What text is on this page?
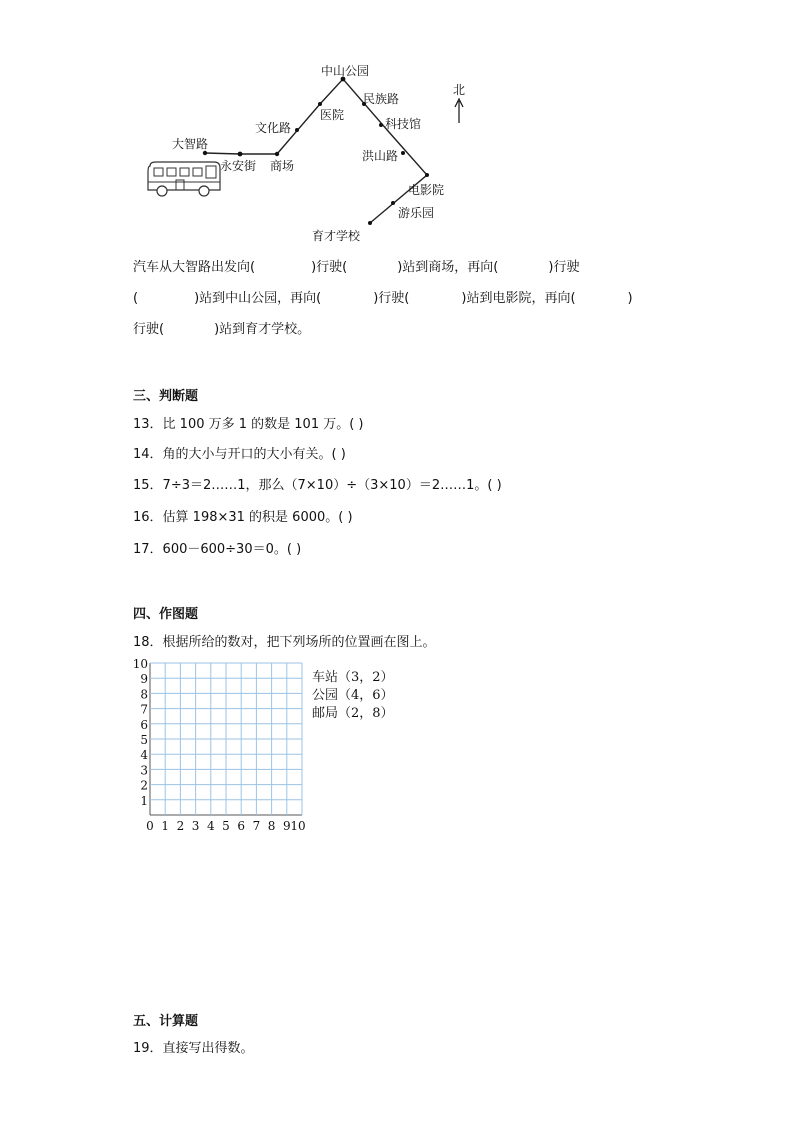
大智路
永安街 商场
文化路
医院
中山公园
民族路
科技馆
洪山路
电影院
游乐园
育才学校
北
汽车从大智路出发向(	)行驶(	)站到商场，再向(	)行驶
(	)站到中山公园，再向(	)行驶(	)站到电影院，再向(	)
行驶(	)站到育才学校。
三、判断题
13．比 100 万多 1 的数是 101 万。( )
14．角的大小与开口的大小有关。( )
15．7÷3＝2……1，那么（7×10）÷（3×10）＝2……1。( )
16．估算 198×31 的积是 6000。( )
17．600－600÷30＝0。( )
四、作图题
18．根据所给的数对，把下列场所的位置画在图上。
0 1 2 3 4 5 6 7 8 9 10
10
9
8
7
6
5
4
3
2
1
车站（3，2）
公园（4，6）
邮局（2，8）
五、计算题
19．直接写出得数。
